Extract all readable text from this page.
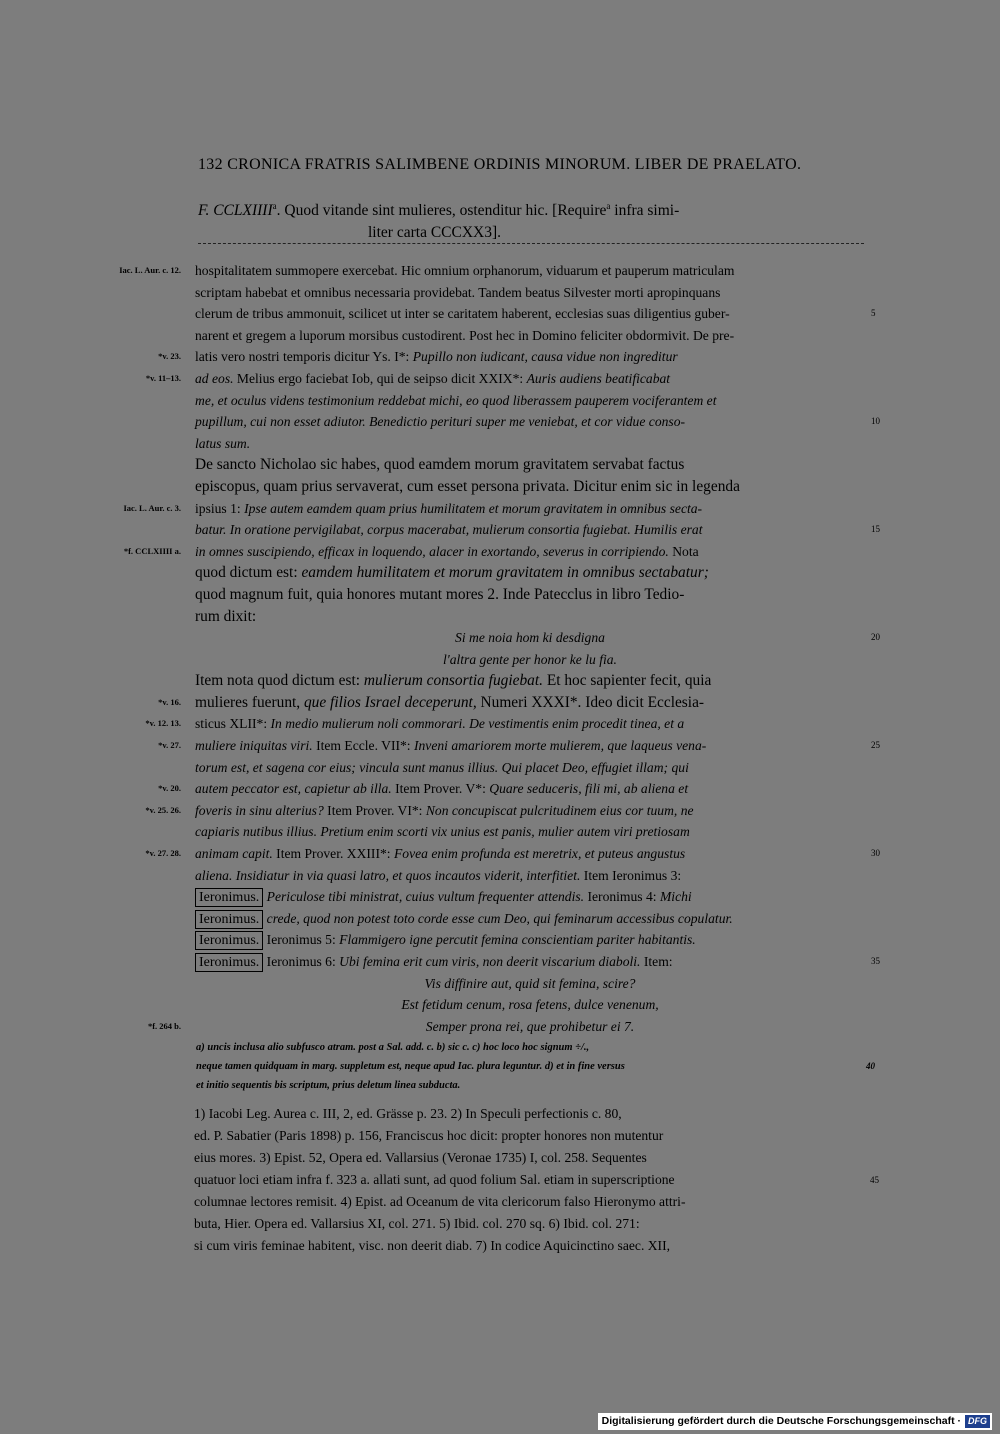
132 CRONICA FRATRIS SALIMBENE ORDINIS MINORUM. LIBER DE PRAELATO.
F. CCLXIIII$^a$. Quod vitande sint mulieres, ostenditur hic. [Require$^a$ infra simi-
liter carta CCCXX3].
Iac. L. Aur. c. 12. hospitalitatem summopere exercebat. Hic omnium orphanorum, viduarum et pauperum matriculam
scriptam habebat et omnibus necessaria providebat. Tandem beatus Silvester morti apropinquans
clerum de tribus ammonuit, scilicet ut inter se caritatem haberent, ecclesias suas diligentius guber-	5
narent et gregem a luporum morsibus custodirent. Post hec in Domino feliciter obdormivit. De pre-
*v. 23. latis vero nostri temporis dicitur Ys. I*: Pupillo non iudicant, causa vidue non ingreditur
*v. 11–13. ad eos. Melius ergo faciebat Iob, qui de seipso dicit XXIX*: Auris audiens beatificabat
me, et oculus videns testimonium reddebat michi, eo quod liberassem pauperem vociferantem et
pupillum, cui non esset adiutor. Benedictio perituri super me veniebat, et cor vidue conso-	10
latus sum.
De sancto Nicholao sic habes, quod eamdem morum gravitatem servabat factus
episcopus, quam prius servaverat, cum esset persona privata. Dicitur enim sic in legenda
Iac. L. Aur. c. 3. ipsius 1: Ipse autem eamdem quam prius humilitatem et morum gravitatem in omnibus secta-
batur. In oratione pervigilabat, corpus macerabat, mulierum consortia fugiebat. Humilis erat	15
*f. CCLXIIII a. in omnes suscipiendo, efficax in loquendo, alacer in exortando, severus in corripiendo. Nota
quod dictum est: eamdem humilitatem et morum gravitatem in omnibus sectabatur;
quod magnum fuit, quia honores mutant mores 2. Inde Patecclus in libro Tedio-
rum dixit:
Si me noia hom ki desdigna	20
l'altra gente per honor ke lu fia.
Item nota quod dictum est: mulierum consortia fugiebat. Et hoc sapienter fecit, quia
*v. 16. mulieres fuerunt, que filios Israel deceperunt, Numeri XXXI*. Ideo dicit Ecclesia-
*v. 12. 13. sticus XLII*: In medio mulierum noli commorari. De vestimentis enim procedit tinea, et a
*v. 27. muliere iniquitas viri. Item Eccle. VII*: Inveni amariorem morte mulierem, que laqueus vena-	25
torum est, et sagena cor eius; vincula sunt manus illius. Qui placet Deo, effugiet illam; qui
*v. 20. autem peccator est, capietur ab illa. Item Prover. V*: Quare seduceris, fili mi, ab aliena et
*v. 25. 26. foveris in sinu alterius? Item Prover. VI*: Non concupiscat pulcritudinem eius cor tuum, ne
capiaris nutibus illius. Pretium enim scorti vix unius est panis, mulier autem viri pretiosam
*v. 27. 28. animam capit. Item Prover. XXIII*: Fovea enim profunda est meretrix, et puteus angustus	30
aliena. Insidiatur in via quasi latro, et quos incautos viderit, interfitiet. Item Ieronimus 3:
Ieronimus. Periculose tibi ministrat, cuius vultum frequenter attendis. Ieronimus 4: Michi
Ieronimus. crede, quod non potest toto corde esse cum Deo, qui feminarum accessibus copulatur.
Ieronimus. Ieronimus 5: Flammigero igne percutit femina conscientiam pariter habitantis.
Ieronimus. Ieronimus 6: Ubi femina erit cum viris, non deerit viscarium diaboli. Item:	35
Vis diffinire aut, quid sit femina, scire?
Est fetidum cenum, rosa fetens, dulce venenum,
*f. 264 b.	Semper prona rei, que prohibetur ei 7.
a) uncis inclusa alio subfusco atram. post a Sal. add. c. b) sic c. c) hoc loco hoc signum ÷/.,
neque tamen quidquam in marg. suppletum est, neque apud Iac. plura leguntur. d) et in fine versus	40
et initio sequentis bis scriptum, prius deletum linea subducta.
1) Iacobi Leg. Aurea c. III, 2, ed. Grässe p. 23. 2) In Speculi perfectionis c. 80,
ed. P. Sabatier (Paris 1898) p. 156, Franciscus hoc dicit: propter honores non mutentur
eius mores. 3) Epist. 52, Opera ed. Vallarsius (Veronae 1735) I, col. 258. Sequentes
quatuor loci etiam infra f. 323 a. allati sunt, ad quod folium Sal. etiam in superscriptione	45
columnae lectores remisit. 4) Epist. ad Oceanum de vita clericorum falso Hieronymo attri-
buta, Hier. Opera ed. Vallarsius XI, col. 271. 5) Ibid. col. 270 sq. 6) Ibid. col. 271:
si cum viris feminae habitent, visc. non deerit diab. 7) In codice Aquicinctino saec. XII,
Digitalisierung gefördert durch die Deutsche Forschungsgemeinschaft · DFG
